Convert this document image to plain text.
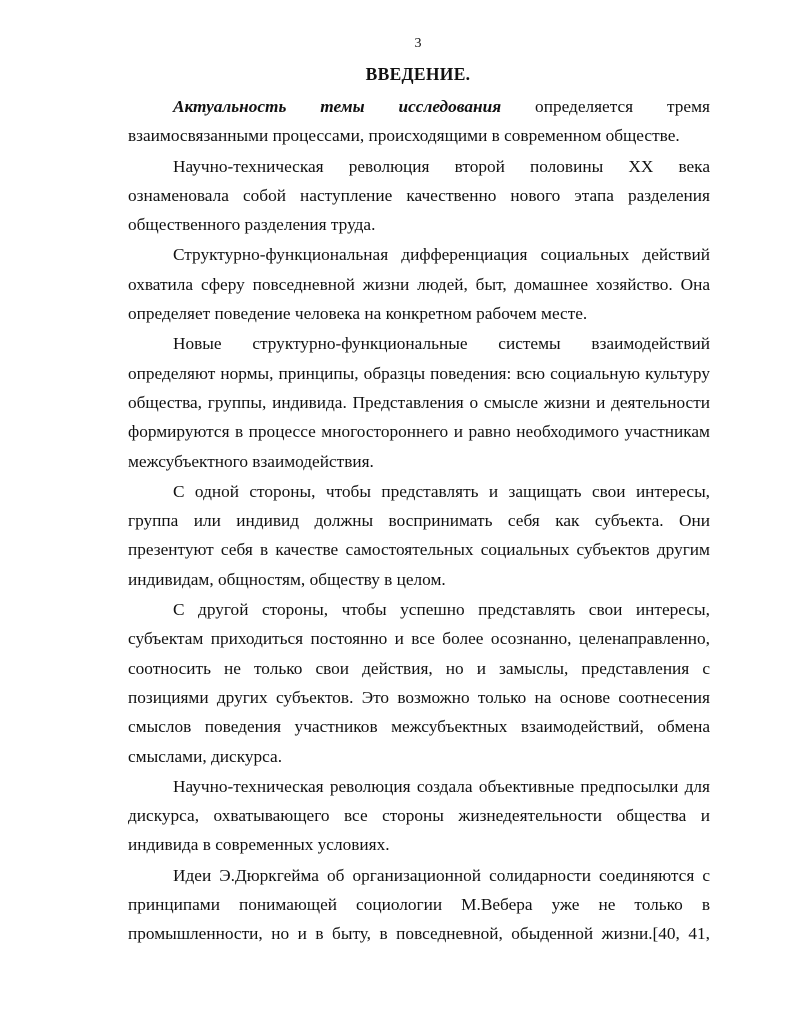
3
ВВЕДЕНИЕ.

Актуальность темы исследования определяется тремя взаимосвязанными процессами, происходящими в современном обществе.

Научно-техническая революция второй половины XX века ознаменовала собой наступление качественно нового этапа разделения общественного разделения труда.

Структурно-функциональная дифференциация социальных действий охватила сферу повседневной жизни людей, быт, домашнее хозяйство. Она определяет поведение человека на конкретном рабочем месте.

Новые структурно-функциональные системы взаимодействий определяют нормы, принципы, образцы поведения: всю социальную культуру общества, группы, индивида. Представления о смысле жизни и деятельности формируются в процессе многостороннего и равно необходимого участникам межсубъектного взаимодействия.

С одной стороны, чтобы представлять и защищать свои интересы, группа или индивид должны воспринимать себя как субъекта. Они презентуют себя в качестве самостоятельных социальных субъектов другим индивидам, общностям, обществу в целом.

С другой стороны, чтобы успешно представлять свои интересы, субъектам приходиться постоянно и все более осознанно, целенаправленно, соотносить не только свои действия, но и замыслы, представления с позициями других субъектов. Это возможно только на основе соотнесения смыслов поведения участников межсубъектных взаимодействий, обмена смыслами, дискурса.

Научно-техническая революция создала объективные предпосылки для дискурса, охватывающего все стороны жизнедеятельности общества и индивида в современных условиях.

Идеи Э.Дюркгейма об организационной солидарности соединяются с принципами понимающей социологии М.Вебера уже не только в промышленности, но и в быту, в повседневной, обыденной жизни.[40, 41,
